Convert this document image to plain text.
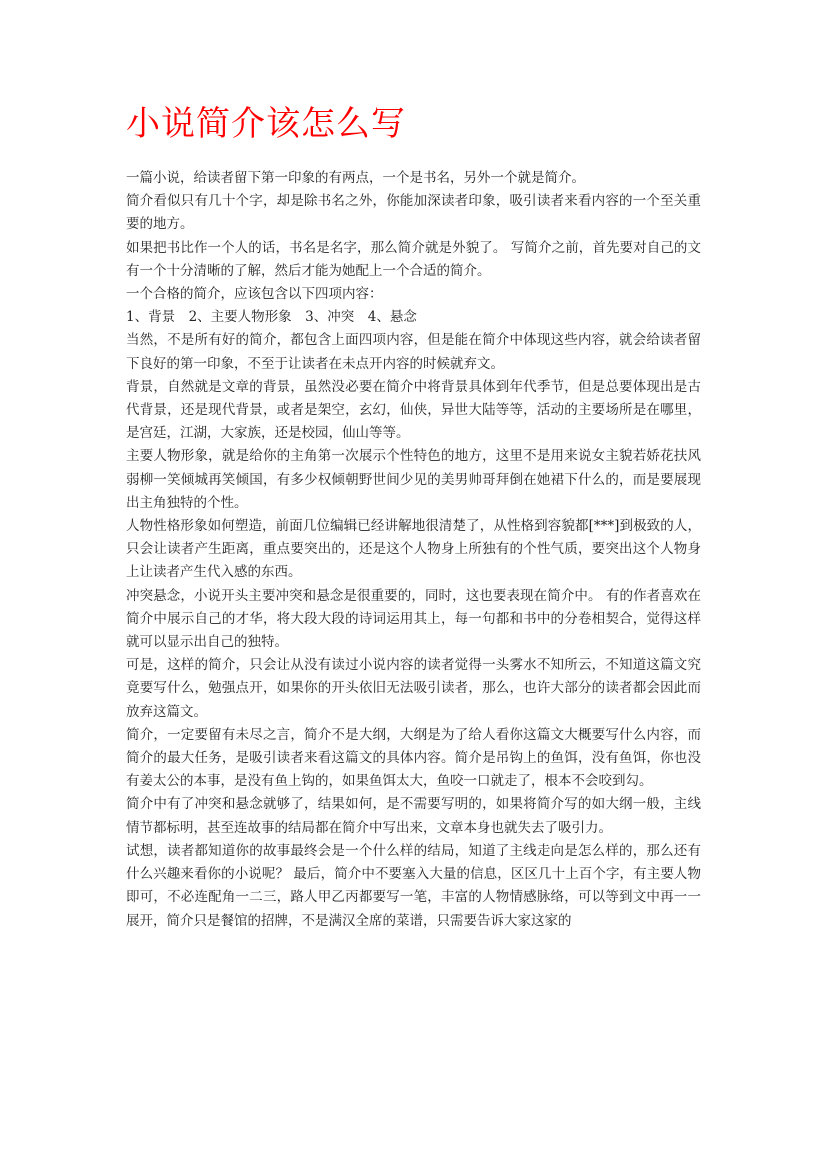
小说简介该怎么写

一篇小说，给读者留下第一印象的有两点，一个是书名，另外一个就是简介。

简介看似只有几十个字，却是除书名之外，你能加深读者印象，吸引读者来看内容的一个至关重要的地方。

如果把书比作一个人的话，书名是名字，那么简介就是外貌了。 写简介之前，首先要对自己的文有一个十分清晰的了解，然后才能为她配上一个合适的简介。

一个合格的简介，应该包含以下四项内容：

1、背景　2、主要人物形象　3、冲突　4、悬念

当然，不是所有好的简介，都包含上面四项内容，但是能在简介中体现这些内容，就会给读者留下良好的第一印象，不至于让读者在未点开内容的时候就弃文。

背景，自然就是文章的背景，虽然没必要在简介中将背景具体到年代季节，但是总要体现出是古代背景，还是现代背景，或者是架空，玄幻，仙侠，异世大陆等等，活动的主要场所是在哪里，是宫廷，江湖，大家族，还是校园，仙山等等。

主要人物形象，就是给你的主角第一次展示个性特色的地方，这里不是用来说女主貌若娇花扶风弱柳一笑倾城再笑倾国，有多少权倾朝野世间少见的美男帅哥拜倒在她裙下什么的，而是要展现出主角独特的个性。

人物性格形象如何塑造，前面几位编辑已经讲解地很清楚了，从性格到容貌都[***]到极致的人，只会让读者产生距离，重点要突出的，还是这个人物身上所独有的个性气质，要突出这个人物身上让读者产生代入感的东西。

冲突悬念，小说开头主要冲突和悬念是很重要的，同时，这也要表现在简介中。 有的作者喜欢在简介中展示自己的才华，将大段大段的诗词运用其上，每一句都和书中的分卷相契合，觉得这样就可以显示出自己的独特。

可是，这样的简介，只会让从没有读过小说内容的读者觉得一头雾水不知所云，不知道这篇文究竟要写什么，勉强点开，如果你的开头依旧无法吸引读者，那么，也许大部分的读者都会因此而放弃这篇文。

简介，一定要留有未尽之言，简介不是大纲，大纲是为了给人看你这篇文大概要写什么内容，而简介的最大任务，是吸引读者来看这篇文的具体内容。简介是吊钩上的鱼饵，没有鱼饵，你也没有姜太公的本事，是没有鱼上钩的，如果鱼饵太大，鱼咬一口就走了，根本不会咬到勾。

简介中有了冲突和悬念就够了，结果如何，是不需要写明的，如果将简介写的如大纲一般，主线情节都标明，甚至连故事的结局都在简介中写出来，文章本身也就失去了吸引力。

试想，读者都知道你的故事最终会是一个什么样的结局，知道了主线走向是怎么样的，那么还有什么兴趣来看你的小说呢？ 最后，简介中不要塞入大量的信息，区区几十上百个字，有主要人物即可，不必连配角一二三，路人甲乙丙都要写一笔，丰富的人物情感脉络，可以等到文中再一一展开，简介只是餐馆的招牌，不是满汉全席的菜谱，只需要告诉大家这家的
